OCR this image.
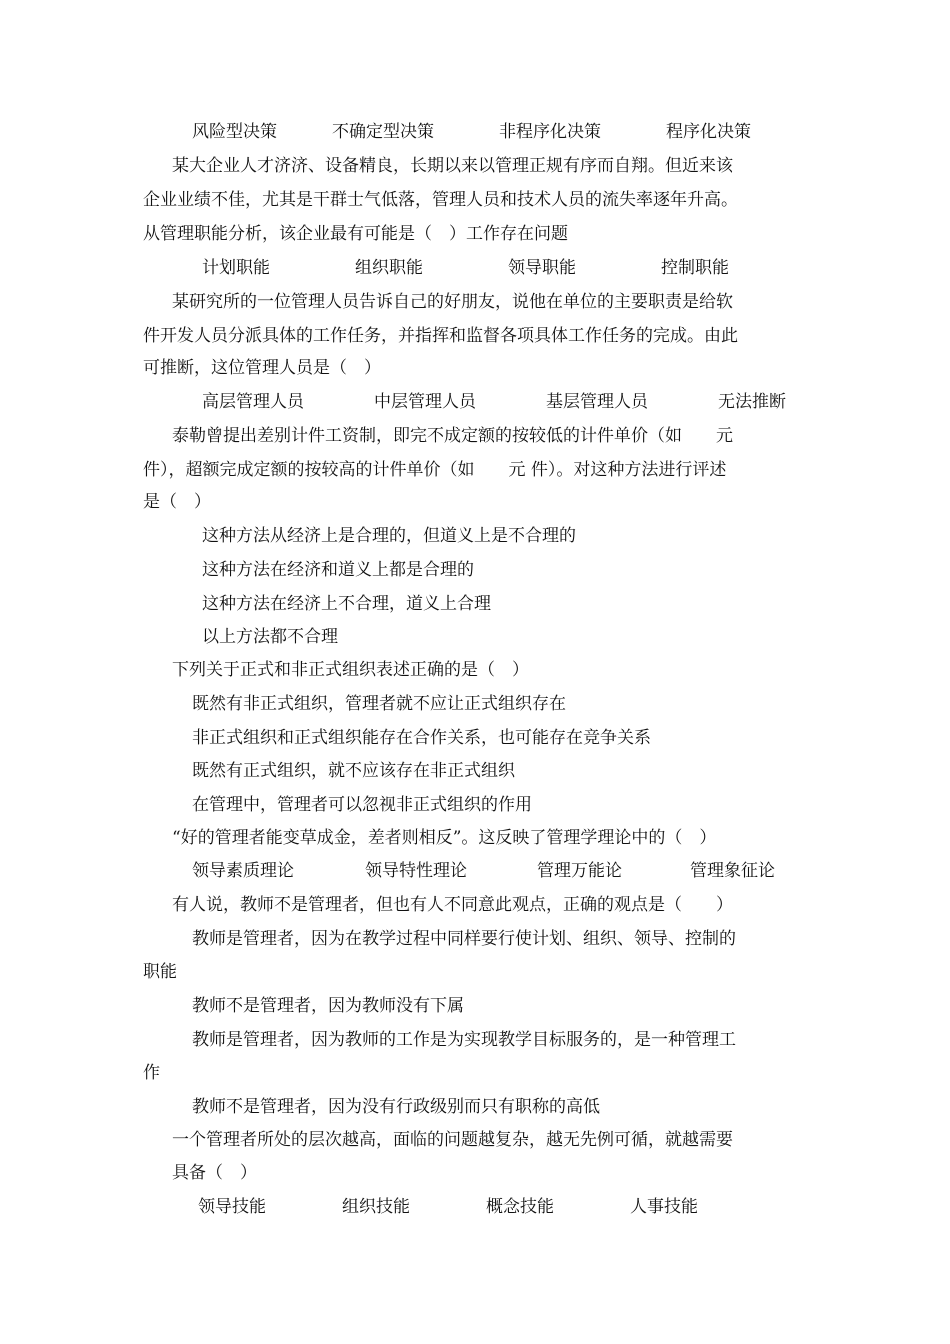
风险型决策	不确定型决策	非程序化决策	程序化决策
某大企业人才济济、设备精良，长期以来以管理正规有序而自翔。但近来该
企业业绩不佳，尤其是干群士气低落，管理人员和技术人员的流失率逐年升高。
从管理职能分析，该企业最有可能是（　）工作存在问题
计划职能	组织职能	领导职能	控制职能
某研究所的一位管理人员告诉自己的好朋友，说他在单位的主要职责是给软
件开发人员分派具体的工作任务，并指挥和监督各项具体工作任务的完成。由此
可推断，这位管理人员是（　）
高层管理人员	中层管理人员	基层管理人员	无法推断
泰勒曾提出差别计件工资制，即完不成定额的按较低的计件单价（如　　元
件），超额完成定额的按较高的计件单价（如　　元 件）。对这种方法进行评述
是（　）
这种方法从经济上是合理的，但道义上是不合理的
这种方法在经济和道义上都是合理的
这种方法在经济上不合理，道义上合理
以上方法都不合理
下列关于正式和非正式组织表述正确的是（　）
既然有非正式组织，管理者就不应让正式组织存在
非正式组织和正式组织能存在合作关系，也可能存在竞争关系
既然有正式组织，就不应该存在非正式组织
在管理中，管理者可以忽视非正式组织的作用
“好的管理者能变草成金，差者则相反”。这反映了管理学理论中的（　）
领导素质理论	领导特性理论	管理万能论	管理象征论
有人说，教师不是管理者，但也有人不同意此观点，正确的观点是（　　）
教师是管理者，因为在教学过程中同样要行使计划、组织、领导、控制的
职能
教师不是管理者，因为教师没有下属
教师是管理者，因为教师的工作是为实现教学目标服务的，是一种管理工
作
教师不是管理者，因为没有行政级别而只有职称的高低
一个管理者所处的层次越高，面临的问题越复杂，越无先例可循，就越需要
具备（　）
领导技能	组织技能	概念技能	人事技能
